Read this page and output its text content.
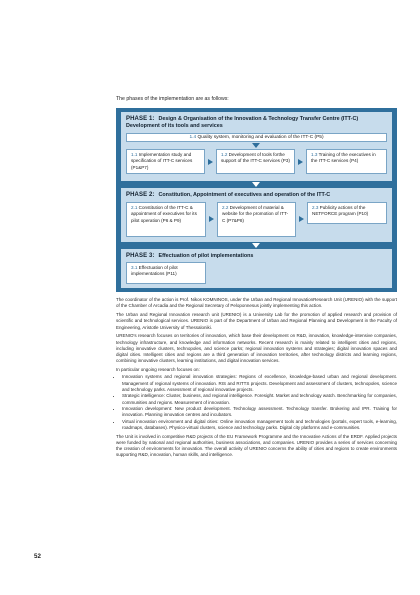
The phases of the implementation are as follows:
PHASE 1: Design & Organisation of the Innovation & Technology Transfer Centre (ITT-C) Development of its tools and services
1.4 Quality system, monitoring and evaluation of the ITT-C (P5)
1.1 Implementation study and specification of ITT-C services (P1&P7)
1.2 Development of tools forthe support of the ITT-C services (P3)
1.3 Training of the executives in the ITT-C services (P4)
PHASE 2: Constitution, Appointment of executives and operation of the ITT-C
2.1 Constitution of the ITT-C & appointment of executives for its pilot operation (P6 & P9)
2.2 Development of material & website for the promotion of ITT-C (P7&P8)
2.3 Publicity actions of the NETFORCE program (P10)
PHASE 3: Effectuation of pilot implementations
3.1 Effectuation of pilot implementations (P11)

The coordinator of the action is Prof. Nikos KOMNINOS, under the Urban and Regional InnovationResearch Unit (URENIO) with the support of the Chamber of Arcadia and the Regional Secretary of Peloponnesus jointly implementing this action.

The Urban and Regional Innovation research unit (URENIO) is a University Lab for the promotion of applied research and provision of scientific and technological services. URENIO is part of the Department of Urban and Regional Planning and Development in the Faculty of Engineering, Aristotle University of Thessaloniki.

URENIO's research focuses on territories of innovation, which base their development on R&D, innovation, knowledge-intensive companies, technology infrastructure, and knowledge and information networks. Recent research is mainly related to intelligent cities and regions, including innovative clusters, technopoles, and science parks; regional innovation systems and strategies; digital innovation spaces and digital cities. Intelligent cities and regions are a third generation of innovation territories, after technology districts and learning regions, combining innovative clusters, learning institutions, and digital innovation services.

In particular ongoing research focuses on:

• Innovation systems and regional innovation strategies: Regions of excellence, knowledge-based urban and regional development. Management of regional systems of innovation. RIS and RITTS projects. Development and assessment of clusters, technopoles, science and technology parks. Assessment of regional innovative projects.
• Strategic intelligence: Cluster, business, and regional intelligence. Foresight. Market and technology watch. Benchmarking for companies, communities and regions. Measurement of innovation.
• Innovation development: New product development. Technology assessment. Technology transfer. Brokering and IPR. Training for innovation. Planning innovation centres and incubators.
• Virtual innovation environment and digital cities: Online innovation management tools and technologies (portals, expert tools, e-learning, roadmaps, databases). Physico-virtual clusters, science and technology parks. Digital city platforms and e-communities.

The Unit is involved in competitive R&D projects of the EU Framework Programme and the Innovative Actions of the ERDF. Applied projects were funded by national and regional authorities, business associations, and companies. URENIO provides a series of services concerning the creation of environments for innovation. The overall activity of URENIO concerns the ability of cities and regions to create environments supporting R&D, innovation, human skills, and intelligence.

52
